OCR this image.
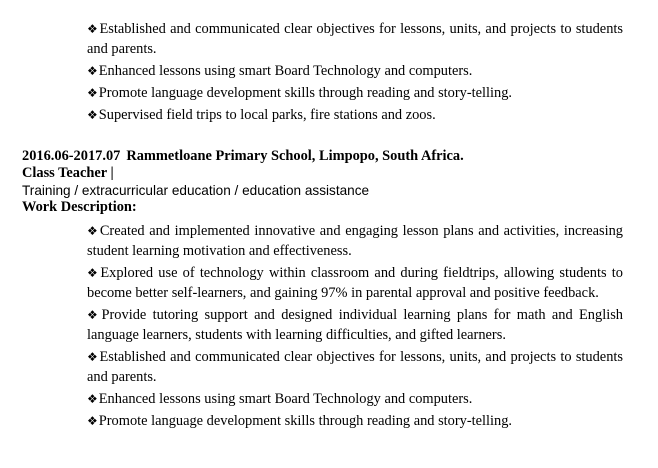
❖Established and communicated clear objectives for lessons, units, and projects to students and parents.
❖Enhanced lessons using smart Board Technology and computers.
❖Promote language development skills through reading and story-telling.
❖Supervised field trips to local parks, fire stations and zoos.
2016.06-2017.07 Rammetloane Primary School, Limpopo, South Africa.
Class Teacher |
Training / extracurricular education / education assistance
Work Description:
❖Created and implemented innovative and engaging lesson plans and activities, increasing student learning motivation and effectiveness.
❖Explored use of technology within classroom and during fieldtrips, allowing students to become better self-learners, and gaining 97% in parental approval and positive feedback.
❖Provide tutoring support and designed individual learning plans for math and English language learners, students with learning difficulties, and gifted learners.
❖Established and communicated clear objectives for lessons, units, and projects to students and parents.
❖Enhanced lessons using smart Board Technology and computers.
❖Promote language development skills through reading and story-telling.
